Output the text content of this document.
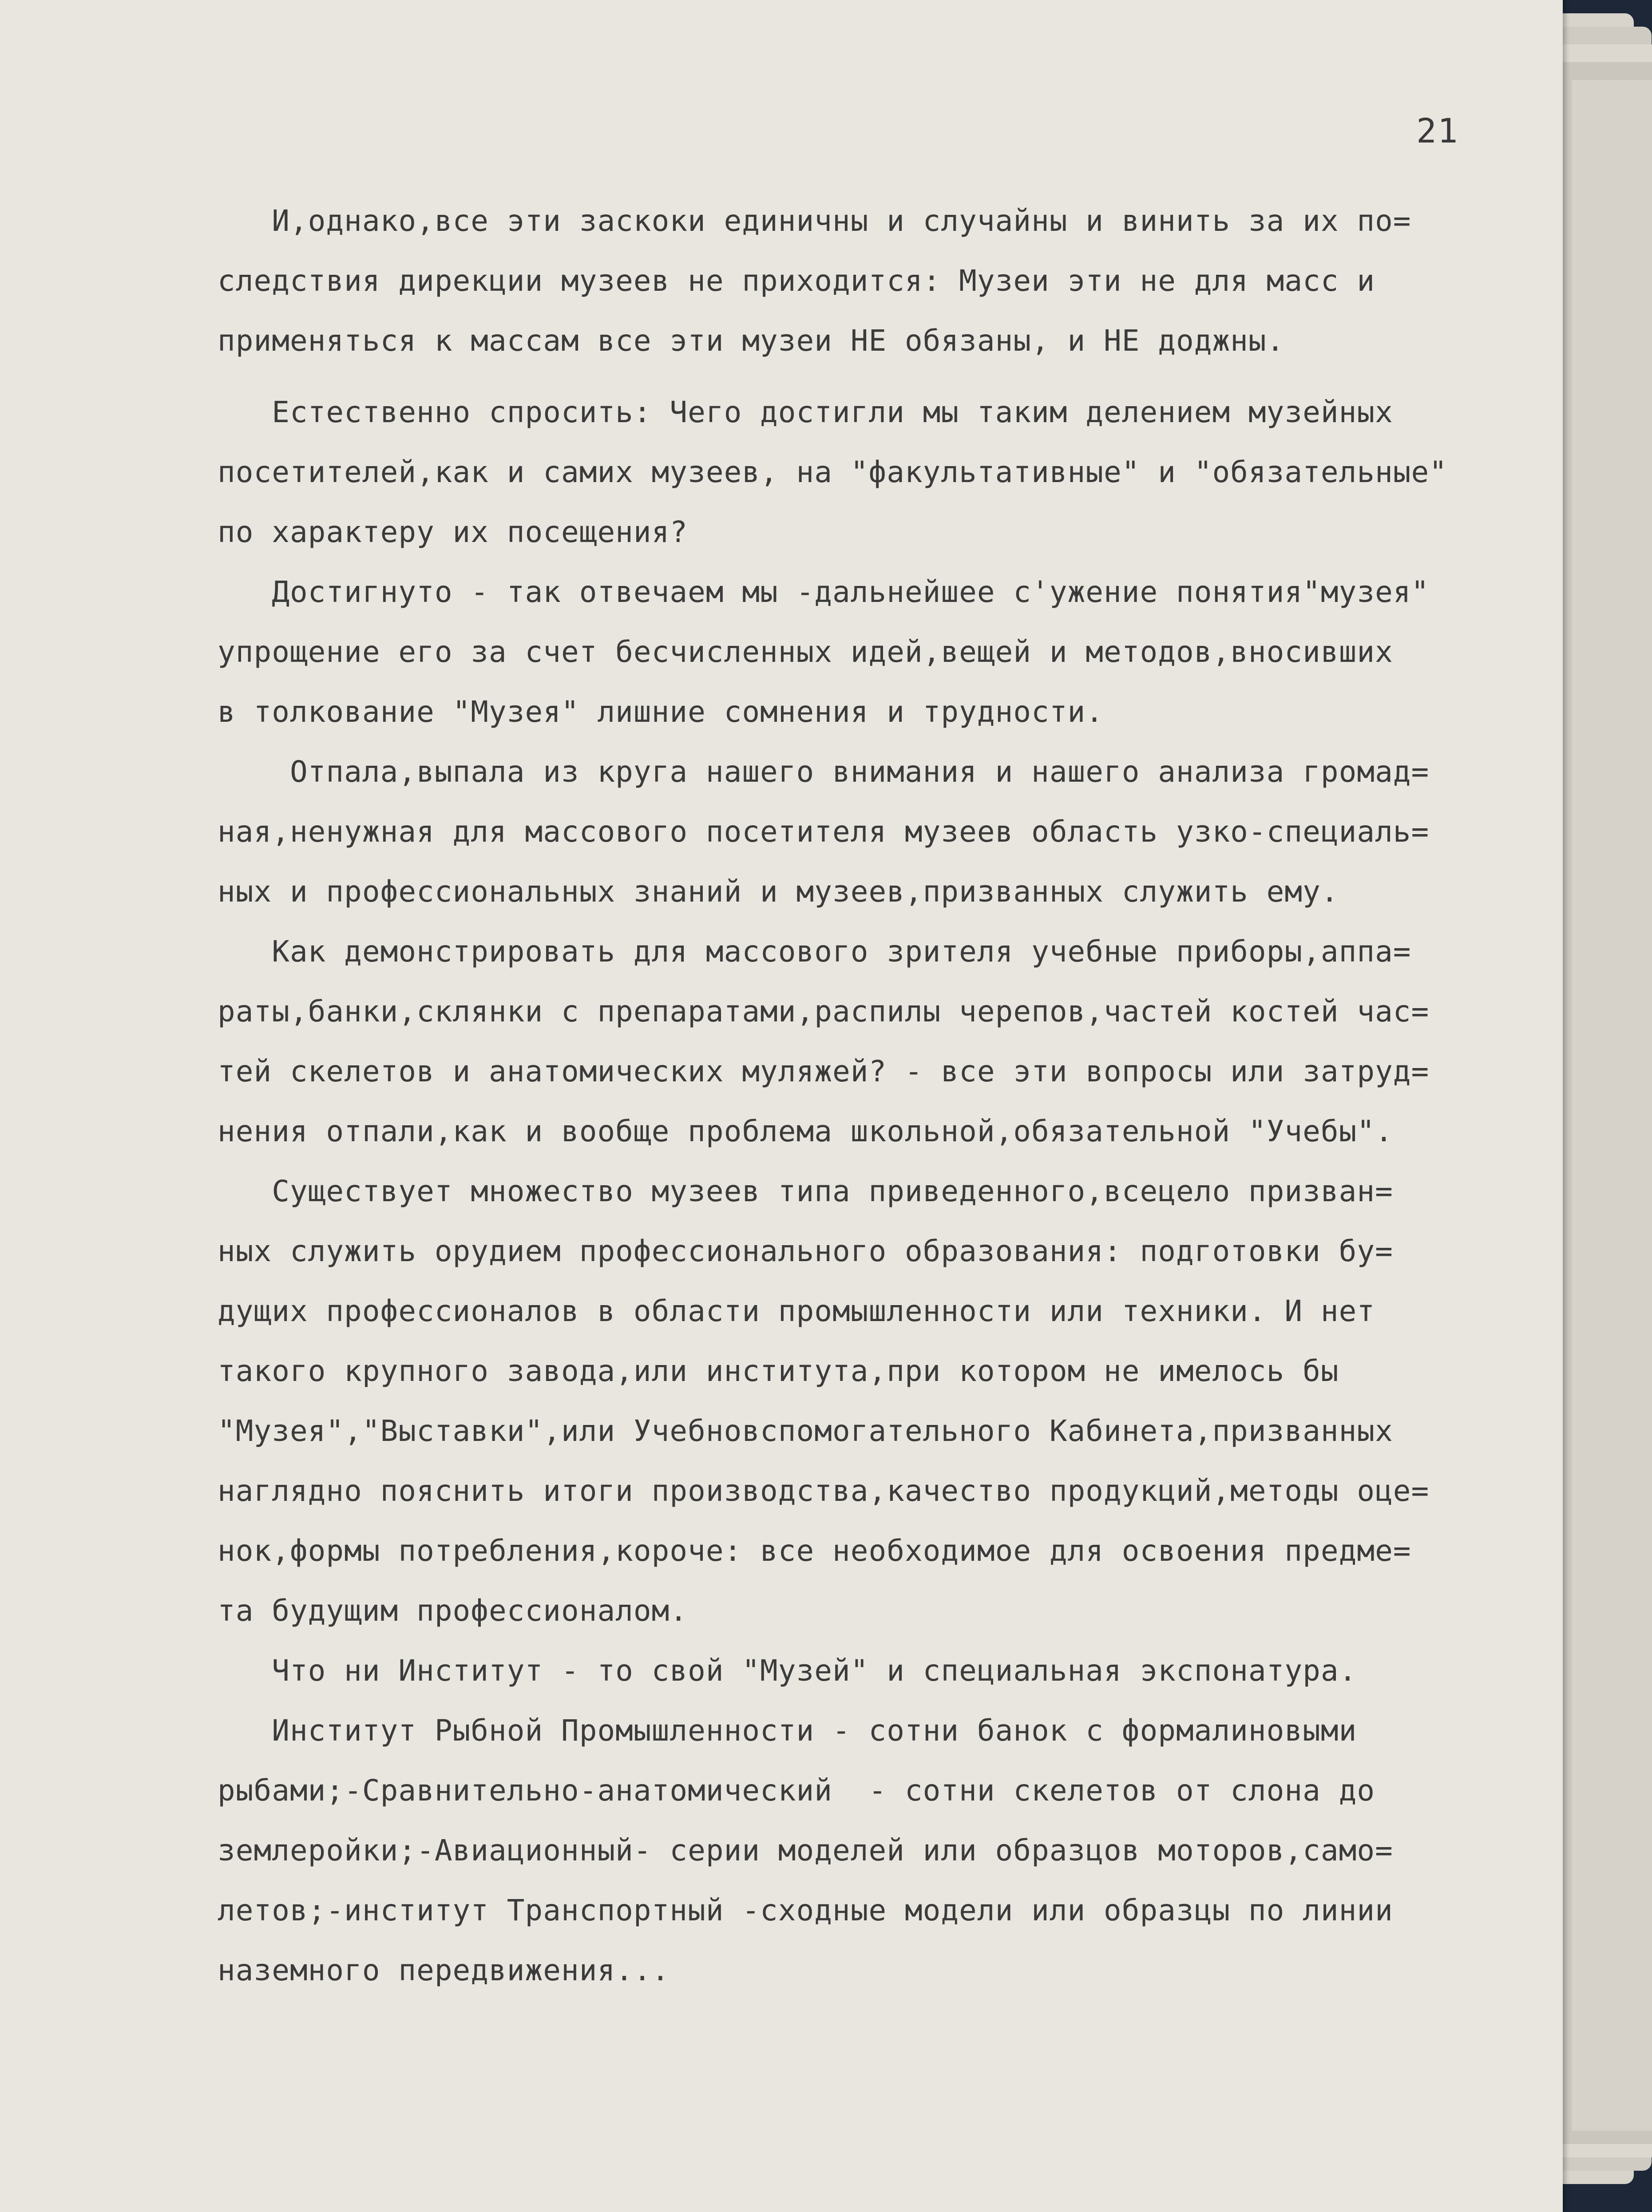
21
И,однако,все эти заскоки единичны и случайны и винить за их по=
следствия дирекции музеев не приходится: Музеи эти не для масс и
применяться к массам все эти музеи НЕ обязаны, и НЕ доджны.
Естественно спросить: Чего достигли мы таким делением музейных
посетителей,как и самих музеев, на "факультативные" и "обязательные"
по характеру их посещения?
Достигнуто - так отвечаем мы -дальнейшее с'ужение понятия"музея"
упрощение его за счет бесчисленных идей,вещей и методов,вносивших
в толкование "Музея" лишние сомнения и трудности.
Отпала,выпала из круга нашего внимания и нашего анализа громад=
ная,ненужная для массового посетителя музеев область узко-специаль=
ных и профессиональных знаний и музеев,призванных служить ему.
Как демонстрировать для массового зрителя учебные приборы,аппа=
раты,банки,склянки с препаратами,распилы черепов,частей костей час=
тей скелетов и анатомических муляжей? - все эти вопросы или затруд=
нения отпали,как и вообще проблема школьной,обязательной "Учебы".
Существует множество музеев типа приведенного,всецело призван=
ных служить орудием профессионального образования: подготовки бу=
дущих профессионалов в области промышленности или техники. И нет
такого крупного завода,или института,при котором не имелось бы
"Музея","Выставки",или Учебновспомогательного Кабинета,призванных
наглядно пояснить итоги производства,качество продукций,методы оце=
нок,формы потребления,короче: все необходимое для освоения предме=
та будущим профессионалом.
Что ни Институт - то свой "Музей" и специальная экспонатура.
Институт Рыбной Промышленности - сотни банок с формалиновыми
рыбами;-Сравнительно-анатомический  - сотни скелетов от слона до
землеройки;-Авиационный- серии моделей или образцов моторов,само=
летов;-институт Транспортный -сходные модели или образцы по линии
наземного передвижения...
